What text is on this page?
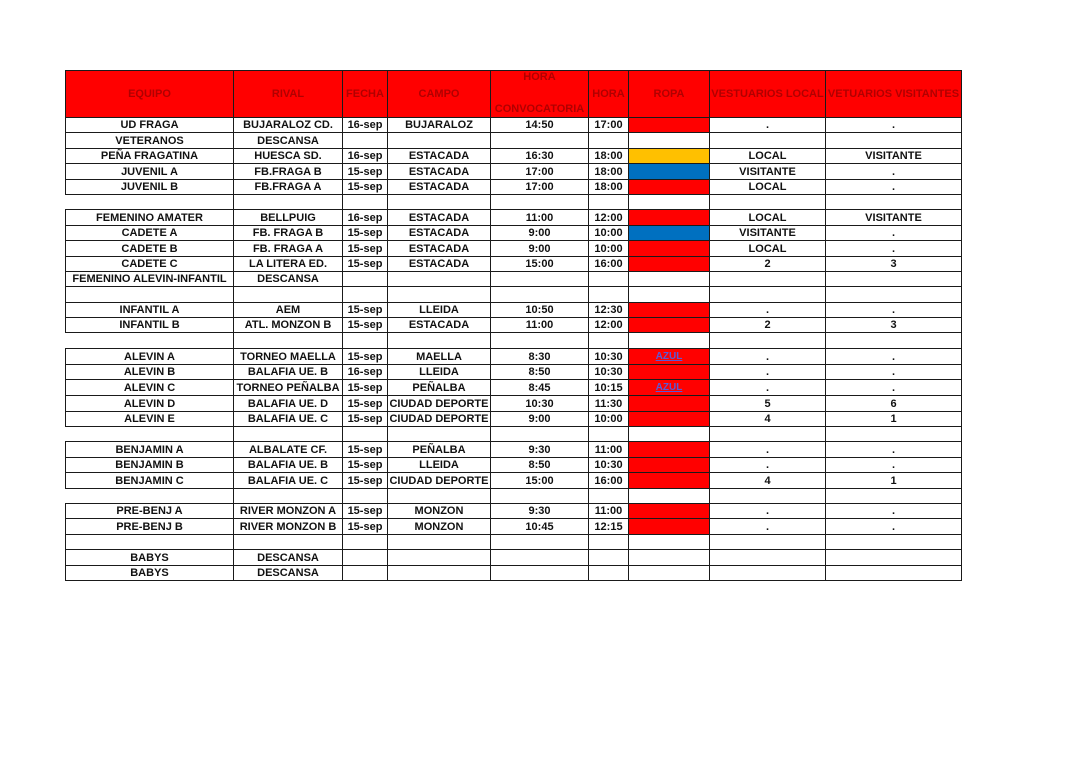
EQUIPO	RIVAL	FECHA	CAMPO	HORA
CONVOCATORIA	HORA	ROPA	VESTUARIOS LOCAL	VETUARIOS VISITANTES
UD FRAGA	BUJARALOZ CD.	16-sep	BUJARALOZ	14:50	17:00		.	.
VETERANOS	DESCANSA							
PEÑA FRAGATINA	HUESCA SD.	16-sep	ESTACADA	16:30	18:00		LOCAL	VISITANTE
JUVENIL A	FB.FRAGA B	15-sep	ESTACADA	17:00	18:00		VISITANTE	.
JUVENIL B	FB.FRAGA A	15-sep	ESTACADA	17:00	18:00		LOCAL	.

FEMENINO AMATER	BELLPUIG	16-sep	ESTACADA	11:00	12:00		LOCAL	VISITANTE
CADETE A	FB. FRAGA B	15-sep	ESTACADA	9:00	10:00		VISITANTE	.
CADETE B	FB. FRAGA A	15-sep	ESTACADA	9:00	10:00		LOCAL	.
CADETE C	LA LITERA ED.	15-sep	ESTACADA	15:00	16:00		2	3
FEMENINO ALEVIN-INFANTIL	DESCANSA							

INFANTIL A	AEM	15-sep	LLEIDA	10:50	12:30		.	.
INFANTIL B	ATL. MONZON B	15-sep	ESTACADA	11:00	12:00		2	3

ALEVIN A	TORNEO MAELLA	15-sep	MAELLA	8:30	10:30	AZUL	.	.
ALEVIN B	BALAFIA UE. B	16-sep	LLEIDA	8:50	10:30		.	.
ALEVIN C	TORNEO PEÑALBA	15-sep	PEÑALBA	8:45	10:15	AZUL	.	.
ALEVIN D	BALAFIA UE. D	15-sep	CIUDAD DEPORTE	10:30	11:30		5	6
ALEVIN E	BALAFIA UE. C	15-sep	CIUDAD DEPORTE	9:00	10:00		4	1

BENJAMIN A	ALBALATE CF.	15-sep	PEÑALBA	9:30	11:00		.	.
BENJAMIN B	BALAFIA UE. B	15-sep	LLEIDA	8:50	10:30		.	.
BENJAMIN C	BALAFIA UE. C	15-sep	CIUDAD DEPORTE	15:00	16:00		4	1

PRE-BENJ A	RIVER MONZON A	15-sep	MONZON	9:30	11:00		.	.
PRE-BENJ B	RIVER MONZON B	15-sep	MONZON	10:45	12:15		.	.

BABYS	DESCANSA							
BABYS	DESCANSA							
